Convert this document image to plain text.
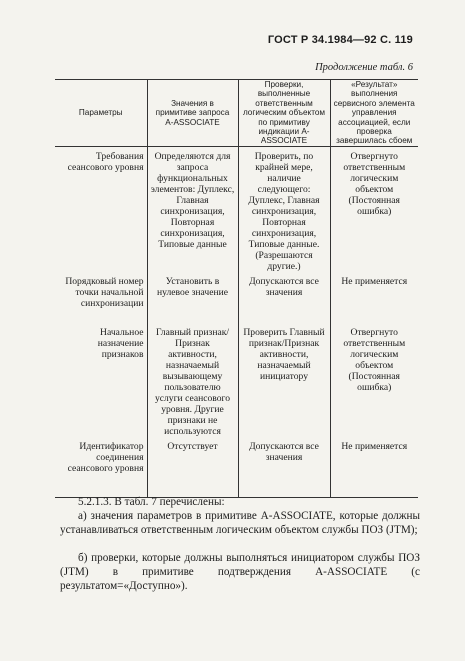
ГОСТ Р 34.1984—92 С. 119
Продолжение табл. 6
Параметры	Значения в примитиве запроса A-ASSOCIATE	Проверки, выполненные ответственным логическим объектом по примитиву индикации A-ASSOCIATE	«Результат» выполнения сервисного элемента управления ассоциацией, если проверка завершилась сбоем
Требования сеансового уровня	Определяются для запроса функциональных элементов: Дуплекс, Главная синхронизация, Повторная синхронизация, Типовые данные	Проверить, по крайней мере, наличие следующего: Дуплекс, Главная синхронизация, Повторная синхронизация, Типовые данные. (Разрешаются другие.)	Отвергнуто ответственным логическим объектом (Постоянная ошибка)
Порядковый номер точки начальной синхронизации	Установить в нулевое значение	Допускаются все значения	Не применяется
Начальное назначение признаков	Главный признак/Признак активности, назначаемый вызывающему пользователю услуги сеансового уровня. Другие признаки не используются	Проверить Главный признак/Признак активности, назначаемый инициатору	Отвергнуто ответственным логическим объектом (Постоянная ошибка)
Идентификатор соединения сеансового уровня	Отсутствует	Допускаются все значения	Не применяется
5.2.1.3. В табл. 7 перечислены:
а) значения параметров в примитиве A-ASSOCIATE, которые должны устанавливаться ответственным логическим объектом службы ПОЗ (JTM);
б) проверки, которые должны выполняться инициатором службы ПОЗ (JTM) в примитиве подтверждения A-ASSOCIATE (с результатом=«Доступно»).
